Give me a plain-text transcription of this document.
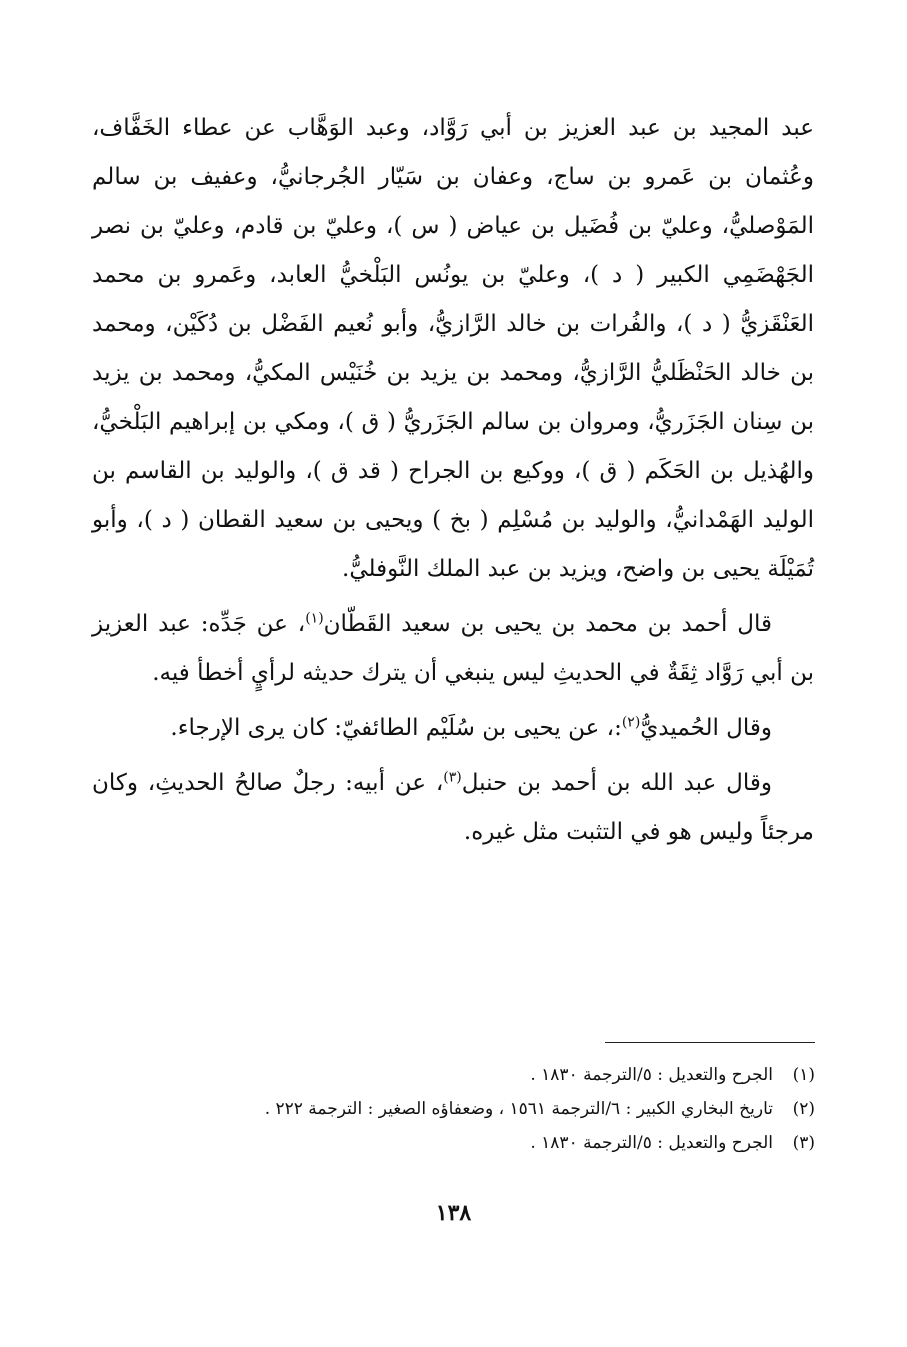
عبد المجيد بن عبد العزيز بن أبي رَوَّاد، وعبد الوَهَّاب عن عطاء الخَفَّاف، وعُثمان بن عَمرو بن ساج، وعفان بن سَيّار الجُرجانيُّ، وعفيف بن سالم المَوْصليُّ، وعليّ بن فُضَيل بن عياض ( س )، وعليّ بن قادم، وعليّ بن نصر الجَهْضَمِي الكبير ( د )، وعليّ بن يونُس البَلْخيُّ العابد، وعَمرو بن محمد العَنْقَزيُّ ( د )، والفُرات بن خالد الرَّازيُّ، وأبو نُعيم الفَضْل بن دُكَيْن، ومحمد بن خالد الحَنْظَليُّ الرَّازيُّ، ومحمد بن يزيد بن خُنَيْس المكيُّ، ومحمد بن يزيد بن سِنان الجَزَريُّ، ومروان بن سالم الجَزَريُّ ( ق )، ومكي بن إبراهيم البَلْخيُّ، والهُذيل بن الحَكَم ( ق )، ووكيع بن الجراح ( قد ق )، والوليد بن القاسم بن الوليد الهَمْدانيُّ، والوليد بن مُسْلِم ( بخ ) ويحيى بن سعيد القطان ( د )، وأبو تُمَيْلَة يحيى بن واضح، ويزيد بن عبد الملك النَّوفليُّ.

قال أحمد بن محمد بن يحيى بن سعيد القَطّان$^{(١)}$، عن جَدِّه: عبد العزيز بن أبي رَوَّاد ثِقَةٌ في الحديثِ ليس ينبغي أن يترك حديثه لرأيٍ أخطأ فيه.

وقال الحُميديُّ$^{(٢)}$:، عن يحيى بن سُلَيْم الطائفيّ: كان يرى الإرجاء.

وقال عبد الله بن أحمد بن حنبل$^{(٣)}$، عن أبيه: رجلٌ صالحُ الحديثِ، وكان مرجئاً وليس هو في التثبت مثل غيره.

(١)
الجرح والتعديل : ٥/الترجمة ١٨٣٠ .
(٢)
تاريخ البخاري الكبير : ٦/الترجمة ١٥٦١ ، وضعفاؤه الصغير : الترجمة ٢٢٢ .
(٣)
الجرح والتعديل : ٥/الترجمة ١٨٣٠ .
١٣٨
